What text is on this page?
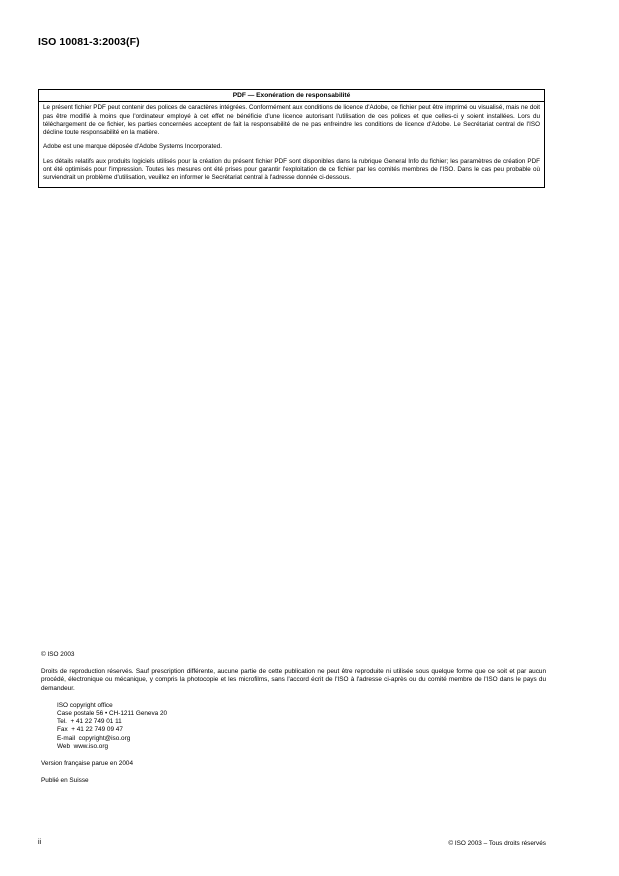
ISO 10081-3:2003(F)
PDF — Exonération de responsabilité

Le présent fichier PDF peut contenir des polices de caractères intégrées. Conformément aux conditions de licence d'Adobe, ce fichier peut être imprimé ou visualisé, mais ne doit pas être modifié à moins que l'ordinateur employé à cet effet ne bénéficie d'une licence autorisant l'utilisation de ces polices et que celles-ci y soient installées. Lors du téléchargement de ce fichier, les parties concernées acceptent de fait la responsabilité de ne pas enfreindre les conditions de licence d'Adobe. Le Secrétariat central de l'ISO décline toute responsabilité en la matière.

Adobe est une marque déposée d'Adobe Systems Incorporated.

Les détails relatifs aux produits logiciels utilisés pour la création du présent fichier PDF sont disponibles dans la rubrique General Info du fichier; les paramètres de création PDF ont été optimisés pour l'impression. Toutes les mesures ont été prises pour garantir l'exploitation de ce fichier par les comités membres de l'ISO. Dans le cas peu probable où surviendrait un problème d'utilisation, veuillez en informer le Secrétariat central à l'adresse donnée ci-dessous.

© ISO 2003

Droits de reproduction réservés. Sauf prescription différente, aucune partie de cette publication ne peut être reproduite ni utilisée sous quelque forme que ce soit et par aucun procédé, électronique ou mécanique, y compris la photocopie et les microfilms, sans l'accord écrit de l'ISO à l'adresse ci-après ou du comité membre de l'ISO dans le pays du demandeur.

ISO copyright office
Case postale 56 • CH-1211 Geneva 20
Tel.  + 41 22 749 01 11
Fax  + 41 22 749 09 47
E-mail  copyright@iso.org
Web  www.iso.org

Version française parue en 2004

Publié en Suisse

ii	© ISO 2003 – Tous droits réservés
